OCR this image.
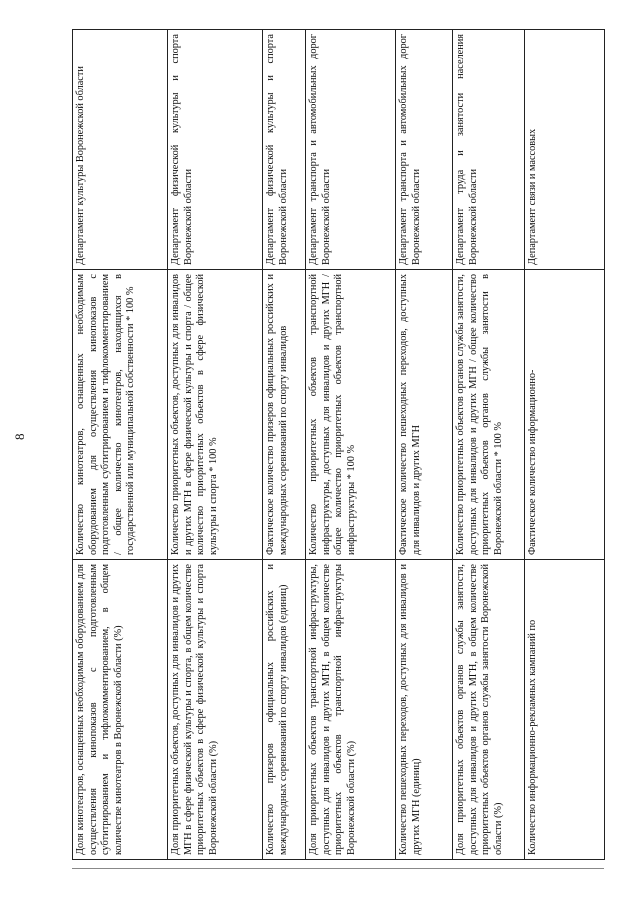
8
Доля кинотеатров, оснащенных необходимым оборудованием для осуществления кинопоказов с подготовленным субтитрированием и тифлокомментированием, в общем количестве кинотеатров в Воронежской области (%)	Количество кинотеатров, оснащенных необходимым оборудованием для осуществления кинопоказов с подготовленным субтитрированием и тифлокомментированием / общее количество кинотеатров, находящихся в государственной или муниципальной собственности * 100 %	Департамент культуры Воронежской области
Доля приоритетных объектов, доступных для инвалидов и других МГН в сфере физической культуры и спорта, в общем количестве приоритетных объектов в сфере физической культуры и спорта Воронежской области (%)	Количество приоритетных объектов, доступных для инвалидов и других МГН в сфере физической культуры и спорта / общее количество приоритетных объектов в сфере физической культуры и спорта * 100 %	Департамент физической культуры и спорта Воронежской области
Количество призеров официальных российских и международных соревнований по спорту инвалидов (единиц)	Фактическое количество призеров официальных российских и международных соревнований по спорту инвалидов	Департамент физической культуры и спорта Воронежской области
Доля приоритетных объектов транспортной инфраструктуры, доступных для инвалидов и других МГН, в общем количестве приоритетных объектов транспортной инфраструктуры Воронежской области (%)	Количество приоритетных объектов транспортной инфраструктуры, доступных для инвалидов и других МГН / общее количество приоритетных объектов транспортной инфраструктуры * 100 %	Департамент транспорта и автомобильных дорог Воронежской области
Количество пешеходных переходов, доступных для инвалидов и других МГН (единиц)	Фактическое количество пешеходных переходов, доступных для инвалидов и других МГН	Департамент транспорта и автомобильных дорог Воронежской области
Доля приоритетных объектов органов службы занятости, доступных для инвалидов и других МГН, в общем количестве приоритетных объектов органов службы занятости Воронежской области (%)	Количество приоритетных объектов органов службы занятости, доступных для инвалидов и других МГН / общее количество приоритетных объектов органов службы занятости в Воронежской области * 100 %	Департамент труда и занятости населения Воронежской области
Количество информационно-рекламных кампаний по	Фактическое количество информационно-	Департамент связи и массовых
